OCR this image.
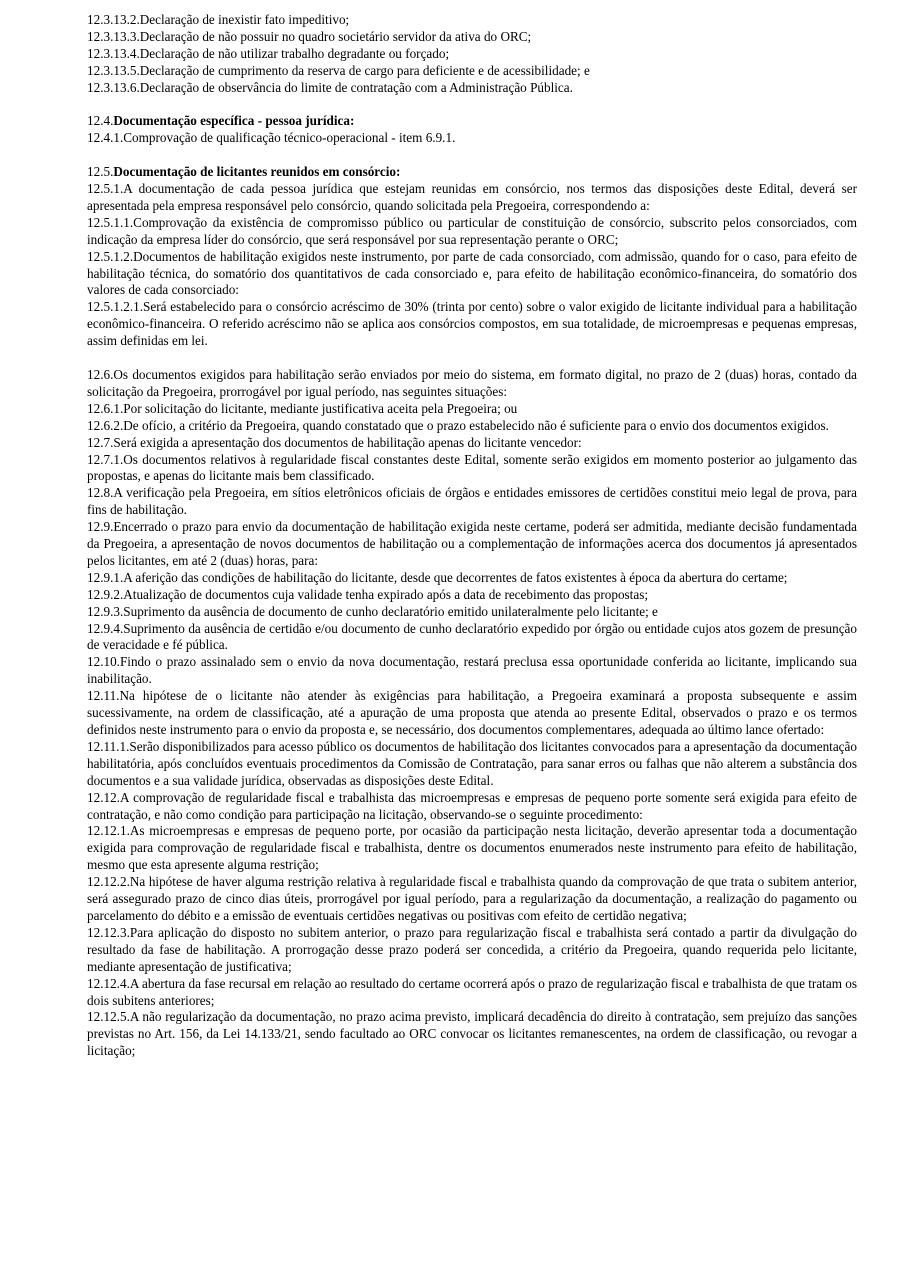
12.3.13.2.Declaração de inexistir fato impeditivo;

12.3.13.3.Declaração de não possuir no quadro societário servidor da ativa do ORC;

12.3.13.4.Declaração de não utilizar trabalho degradante ou forçado;

12.3.13.5.Declaração de cumprimento da reserva de cargo para deficiente e de acessibilidade; e

12.3.13.6.Declaração de observância do limite de contratação com a Administração Pública.

12.4.Documentação específica - pessoa jurídica:

12.4.1.Comprovação de qualificação técnico-operacional - item 6.9.1.

12.5.Documentação de licitantes reunidos em consórcio:

12.5.1.A documentação de cada pessoa jurídica que estejam reunidas em consórcio, nos termos das disposições deste Edital, deverá ser apresentada pela empresa responsável pelo consórcio, quando solicitada pela Pregoeira, correspondendo a:

12.5.1.1.Comprovação da existência de compromisso público ou particular de constituição de consórcio, subscrito pelos consorciados, com indicação da empresa líder do consórcio, que será responsável por sua representação perante o ORC;

12.5.1.2.Documentos de habilitação exigidos neste instrumento, por parte de cada consorciado, com admissão, quando for o caso, para efeito de habilitação técnica, do somatório dos quantitativos de cada consorciado e, para efeito de habilitação econômico-financeira, do somatório dos valores de cada consorciado:

12.5.1.2.1.Será estabelecido para o consórcio acréscimo de 30% (trinta por cento) sobre o valor exigido de licitante individual para a habilitação econômico-financeira. O referido acréscimo não se aplica aos consórcios compostos, em sua totalidade, de microempresas e pequenas empresas, assim definidas em lei.

12.6.Os documentos exigidos para habilitação serão enviados por meio do sistema, em formato digital, no prazo de 2 (duas) horas, contado da solicitação da Pregoeira, prorrogável por igual período, nas seguintes situações:

12.6.1.Por solicitação do licitante, mediante justificativa aceita pela Pregoeira; ou

12.6.2.De ofício, a critério da Pregoeira, quando constatado que o prazo estabelecido não é suficiente para o envio dos documentos exigidos.

12.7.Será exigida a apresentação dos documentos de habilitação apenas do licitante vencedor:

12.7.1.Os documentos relativos à regularidade fiscal constantes deste Edital, somente serão exigidos em momento posterior ao julgamento das propostas, e apenas do licitante mais bem classificado.

12.8.A verificação pela Pregoeira, em sítios eletrônicos oficiais de órgãos e entidades emissores de certidões constitui meio legal de prova, para fins de habilitação.

12.9.Encerrado o prazo para envio da documentação de habilitação exigida neste certame, poderá ser admitida, mediante decisão fundamentada da Pregoeira, a apresentação de novos documentos de habilitação ou a complementação de informações acerca dos documentos já apresentados pelos licitantes, em até 2 (duas) horas, para:

12.9.1.A aferição das condições de habilitação do licitante, desde que decorrentes de fatos existentes à época da abertura do certame;

12.9.2.Atualização de documentos cuja validade tenha expirado após a data de recebimento das propostas;

12.9.3.Suprimento da ausência de documento de cunho declaratório emitido unilateralmente pelo licitante; e

12.9.4.Suprimento da ausência de certidão e/ou documento de cunho declaratório expedido por órgão ou entidade cujos atos gozem de presunção de veracidade e fé pública.

12.10.Findo o prazo assinalado sem o envio da nova documentação, restará preclusa essa oportunidade conferida ao licitante, implicando sua inabilitação.

12.11.Na hipótese de o licitante não atender às exigências para habilitação, a Pregoeira examinará a proposta subsequente e assim sucessivamente, na ordem de classificação, até a apuração de uma proposta que atenda ao presente Edital, observados o prazo e os termos definidos neste instrumento para o envio da proposta e, se necessário, dos documentos complementares, adequada ao último lance ofertado:

12.11.1.Serão disponibilizados para acesso público os documentos de habilitação dos licitantes convocados para a apresentação da documentação habilitatória, após concluídos eventuais procedimentos da Comissão de Contratação, para sanar erros ou falhas que não alterem a substância dos documentos e a sua validade jurídica, observadas as disposições deste Edital.

12.12.A comprovação de regularidade fiscal e trabalhista das microempresas e empresas de pequeno porte somente será exigida para efeito de contratação, e não como condição para participação na licitação, observando-se o seguinte procedimento:

12.12.1.As microempresas e empresas de pequeno porte, por ocasião da participação nesta licitação, deverão apresentar toda a documentação exigida para comprovação de regularidade fiscal e trabalhista, dentre os documentos enumerados neste instrumento para efeito de habilitação, mesmo que esta apresente alguma restrição;

12.12.2.Na hipótese de haver alguma restrição relativa à regularidade fiscal e trabalhista quando da comprovação de que trata o subitem anterior, será assegurado prazo de cinco dias úteis, prorrogável por igual período, para a regularização da documentação, a realização do pagamento ou parcelamento do débito e a emissão de eventuais certidões negativas ou positivas com efeito de certidão negativa;

12.12.3.Para aplicação do disposto no subitem anterior, o prazo para regularização fiscal e trabalhista será contado a partir da divulgação do resultado da fase de habilitação. A prorrogação desse prazo poderá ser concedida, a critério da Pregoeira, quando requerida pelo licitante, mediante apresentação de justificativa;

12.12.4.A abertura da fase recursal em relação ao resultado do certame ocorrerá após o prazo de regularização fiscal e trabalhista de que tratam os dois subitens anteriores;

12.12.5.A não regularização da documentação, no prazo acima previsto, implicará decadência do direito à contratação, sem prejuízo das sanções previstas no Art. 156, da Lei 14.133/21, sendo facultado ao ORC convocar os licitantes remanescentes, na ordem de classificação, ou revogar a licitação;
